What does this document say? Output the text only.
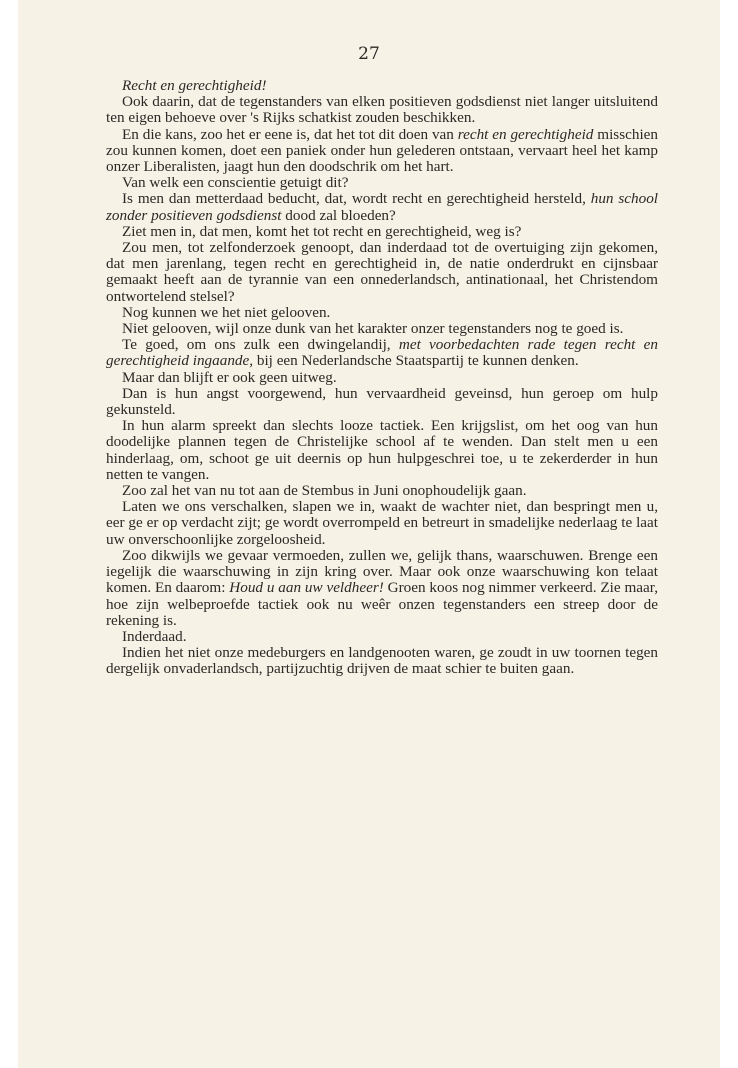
27

Recht en gerechtigheid!

Ook daarin, dat de tegenstanders van elken positieven godsdienst niet langer uitsluitend ten eigen behoeve over 's Rijks schatkist zouden beschikken.

En die kans, zoo het er eene is, dat het tot dit doen van recht en gerechtigheid misschien zou kunnen komen, doet een paniek onder hun gelederen ontstaan, vervaart heel het kamp onzer Liberalisten, jaagt hun den doodschrik om het hart.

Van welk een conscientie getuigt dit?

Is men dan metterdaad beducht, dat, wordt recht en gerechtigheid hersteld, hun school zonder positieven godsdienst dood zal bloeden?

Ziet men in, dat men, komt het tot recht en gerechtigheid, weg is?

Zou men, tot zelfonderzoek genoopt, dan inderdaad tot de overtuiging zijn gekomen, dat men jarenlang, tegen recht en gerechtigheid in, de natie onderdrukt en cijnsbaar gemaakt heeft aan de tyrannie van een onnederlandsch, antinationaal, het Christendom ontwortelend stelsel?

Nog kunnen we het niet gelooven.

Niet gelooven, wijl onze dunk van het karakter onzer tegenstanders nog te goed is.

Te goed, om ons zulk een dwingelandij, met voorbedachten rade tegen recht en gerechtigheid ingaande, bij een Nederlandsche Staatspartij te kunnen denken.

Maar dan blijft er ook geen uitweg.

Dan is hun angst voorgewend, hun vervaardheid geveinsd, hun geroep om hulp gekunsteld.

In hun alarm spreekt dan slechts looze tactiek. Een krijgslist, om het oog van hun doodelijke plannen tegen de Christelijke school af te wenden. Dan stelt men u een hinderlaag, om, schoot ge uit deernis op hun hulpgeschrei toe, u te zekerderder in hun netten te vangen.

Zoo zal het van nu tot aan de Stembus in Juni onophoudelijk gaan.

Laten we ons verschalken, slapen we in, waakt de wachter niet, dan bespringt men u, eer ge er op verdacht zijt; ge wordt overrompeld en betreurt in smadelijke nederlaag te laat uw onverschoonlijke zorgeloosheid.

Zoo dikwijls we gevaar vermoeden, zullen we, gelijk thans, waarschuwen. Brenge een iegelijk die waarschuwing in zijn kring over. Maar ook onze waarschuwing kon telaat komen. En daarom: Houd u aan uw veldheer! Groen koos nog nimmer verkeerd. Zie maar, hoe zijn welbeproefde tactiek ook nu weêr onzen tegenstanders een streep door de rekening is.

Inderdaad.

Indien het niet onze medeburgers en landgenooten waren, ge zoudt in uw toornen tegen dergelijk onvaderlandsch, partijzuchtig drijven de maat schier te buiten gaan.
